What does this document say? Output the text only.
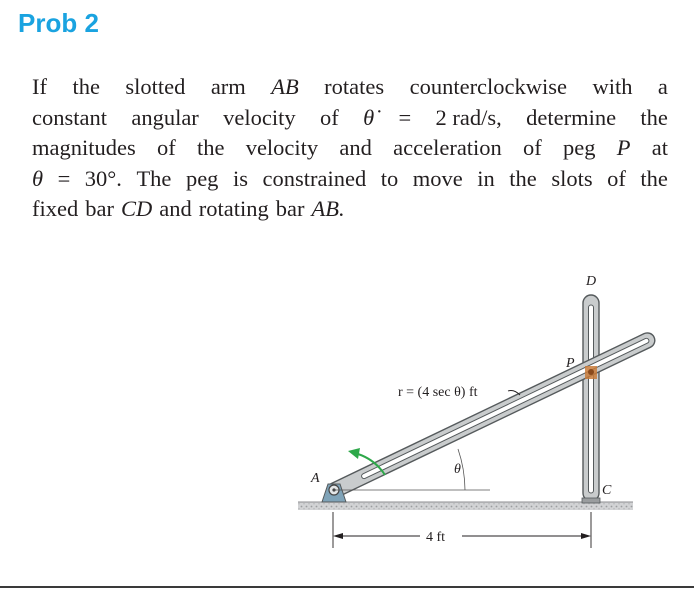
Prob 2
If the slotted arm AB rotates counterclockwise with a
constant angular velocity of θ̇ = 2 rad/s, determine the
magnitudes of the velocity and acceleration of peg P at
θ = 30°. The peg is constrained to move in the slots of the
fixed bar CD and rotating bar AB.
θ
r = (4 sec θ) ft
A
D
P
C
4 ft
